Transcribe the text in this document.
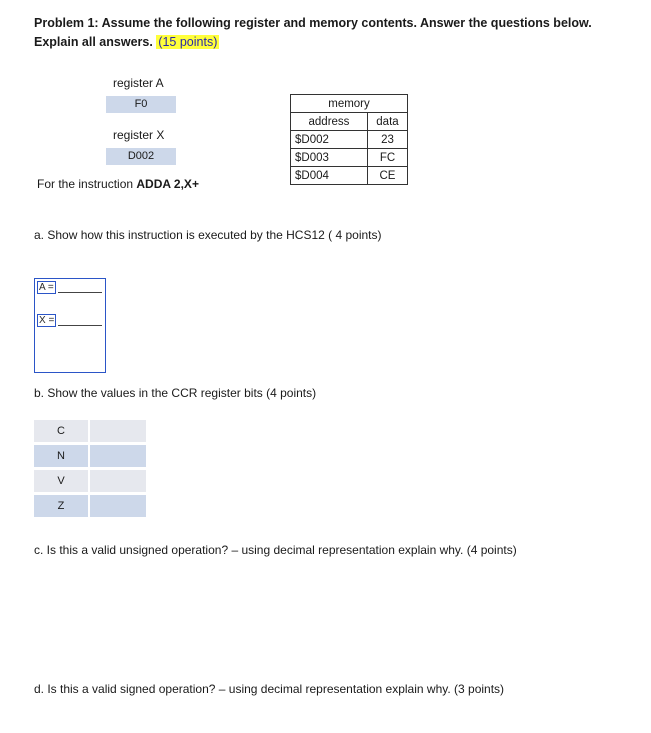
Problem 1: Assume the following register and memory contents. Answer the questions below. Explain all answers. (15 points)
register A
F0
register X
D002
For the instruction ADDA 2,X+
memory	
address	data
$D002	23
$D003	FC
$D004	CE
a. Show how this instruction is executed by the HCS12 ( 4 points)
A =
X =
b. Show the values in the CCR register bits (4 points)
C
N
V
Z
c. Is this a valid unsigned operation? – using decimal representation explain why. (4 points)
d. Is this a valid signed operation? – using decimal representation explain why. (3 points)
